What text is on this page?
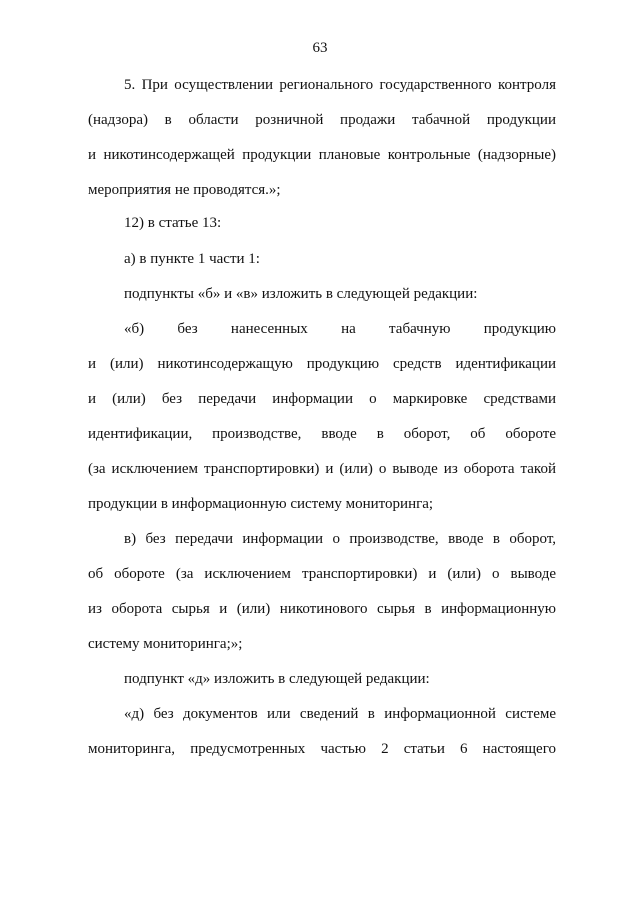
63
5. При осуществлении регионального государственного контроля
(надзора) в области розничной продажи табачной продукции
и никотинсодержащей продукции плановые контрольные (надзорные)
мероприятия не проводятся.»;
12) в статье 13:
а) в пункте 1 части 1:
подпункты «б» и «в» изложить в следующей редакции:
«б) без нанесенных на табачную продукцию
и (или) никотинсодержащую продукцию средств идентификации
и (или) без передачи информации о маркировке средствами
идентификации, производстве, вводе в оборот, об обороте
(за исключением транспортировки) и (или) о выводе из оборота такой
продукции в информационную систему мониторинга;
в) без передачи информации о производстве, вводе в оборот,
об обороте (за исключением транспортировки) и (или) о выводе
из оборота сырья и (или) никотинового сырья в информационную
систему мониторинга;»;
подпункт «д» изложить в следующей редакции:
«д) без документов или сведений в информационной системе
мониторинга, предусмотренных частью 2 статьи 6 настоящего
